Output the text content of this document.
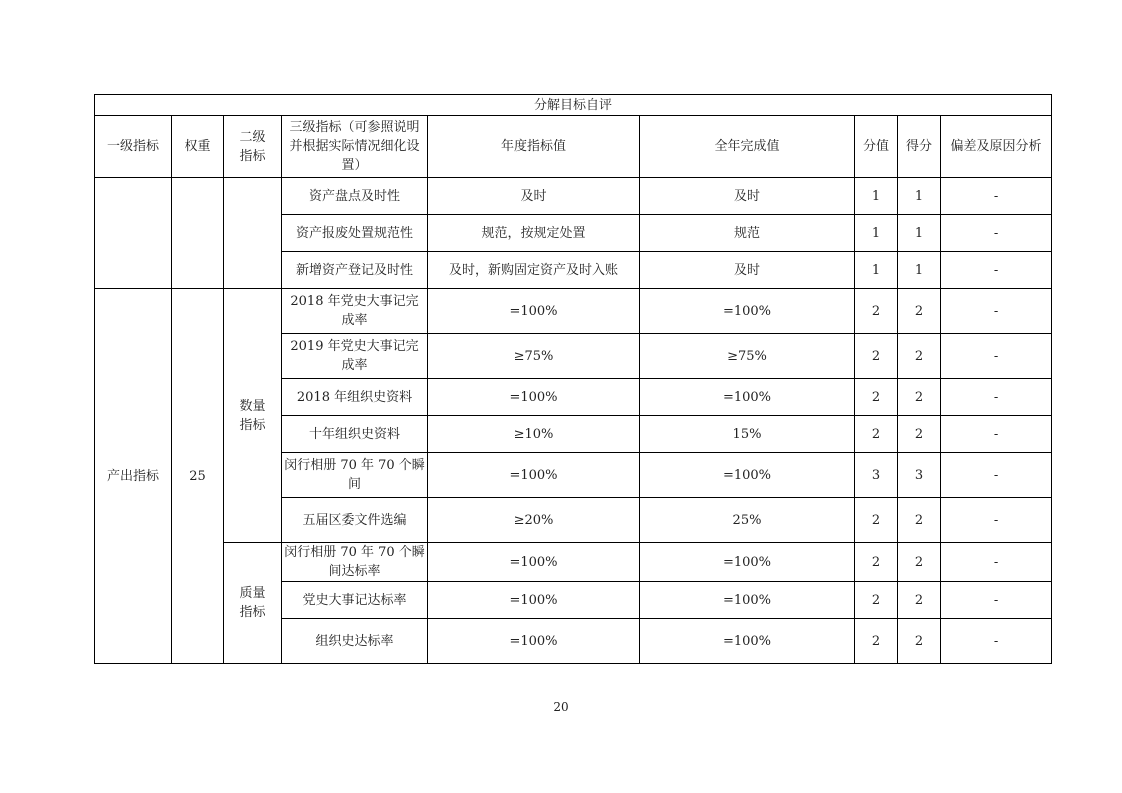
分解目标自评								
一级指标	权重	二级指标	三级指标（可参照说明并根据实际情况细化设置）	年度指标值	全年完成值	分值	得分	偏差及原因分析
			资产盘点及时性	及时	及时	1	1	-
			资产报废处置规范性	规范，按规定处置	规范	1	1	-
			新增资产登记及时性	及时，新购固定资产及时入账	及时	1	1	-
产出指标	25	数量指标	2018 年党史大事记完成率	=100%	=100%	2	2	-
			2019 年党史大事记完成率	≥75%	≥75%	2	2	-
			2018 年组织史资料	=100%	=100%	2	2	-
			十年组织史资料	≥10%	15%	2	2	-
			闵行相册 70 年 70 个瞬间	=100%	=100%	3	3	-
			五届区委文件选编	≥20%	25%	2	2	-
		质量指标	闵行相册 70 年 70 个瞬间达标率	=100%	=100%	2	2	-
			党史大事记达标率	=100%	=100%	2	2	-
			组织史达标率	=100%	=100%	2	2	-
20
